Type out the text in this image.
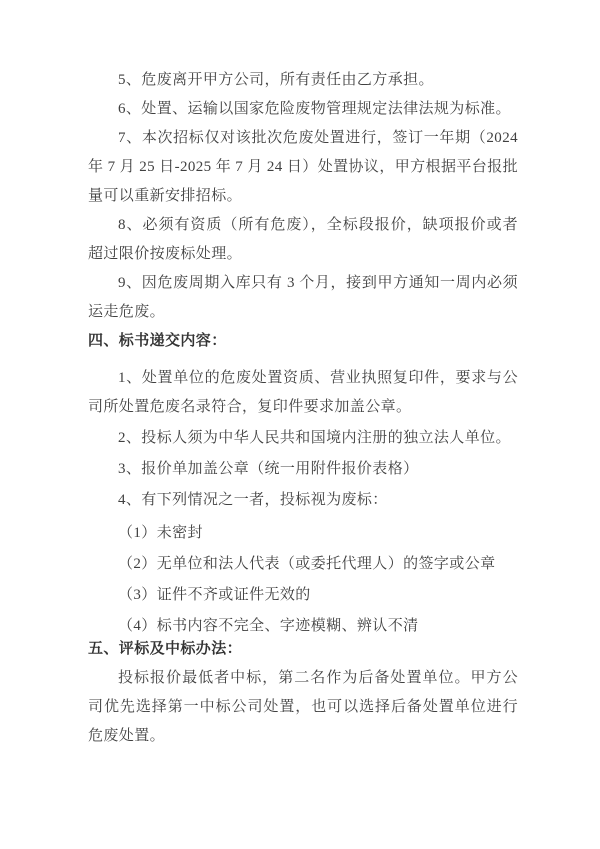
5、危废离开甲方公司，所有责任由乙方承担。

6、处置、运输以国家危险废物管理规定法律法规为标准。

7、本次招标仅对该批次危废处置进行，签订一年期（2024 年 7 月 25 日-2025 年 7 月 24 日）处置协议，甲方根据平台报批量可以重新安排招标。

8、必须有资质（所有危废），全标段报价，缺项报价或者超过限价按废标处理。

9、因危废周期入库只有 3 个月，接到甲方通知一周内必须运走危废。

四、标书递交内容：

1、处置单位的危废处置资质、营业执照复印件，要求与公司所处置危废名录符合，复印件要求加盖公章。

2、投标人须为中华人民共和国境内注册的独立法人单位。

3、报价单加盖公章（统一用附件报价表格）

4、有下列情况之一者，投标视为废标：

（1）未密封

（2）无单位和法人代表（或委托代理人）的签字或公章

（3）证件不齐或证件无效的

（4）标书内容不完全、字迹模糊、辨认不清

五、评标及中标办法：

投标报价最低者中标，第二名作为后备处置单位。甲方公司优先选择第一中标公司处置，也可以选择后备处置单位进行危废处置。
